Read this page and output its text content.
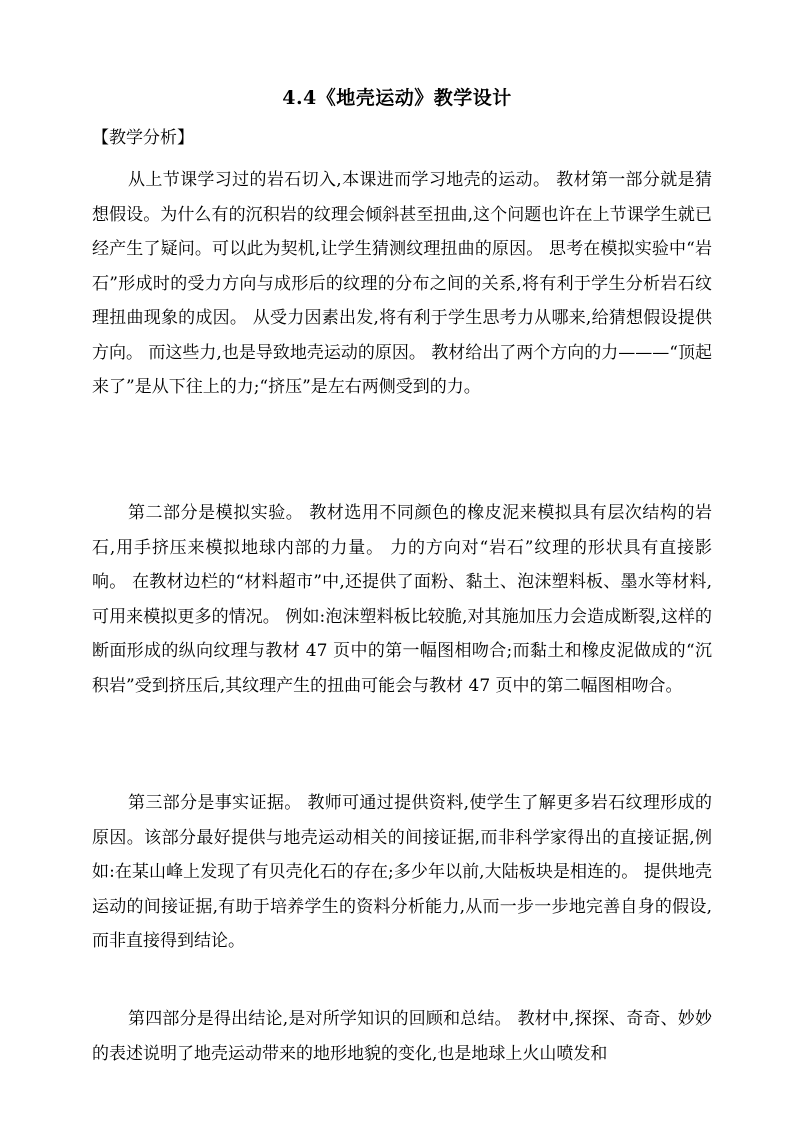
4.4《地壳运动》教学设计
【教学分析】

从上节课学习过的岩石切入,本课进而学习地壳的运动。 教材第一部分就是猜想假设。为什么有的沉积岩的纹理会倾斜甚至扭曲,这个问题也许在上节课学生就已经产生了疑问。可以此为契机,让学生猜测纹理扭曲的原因。 思考在模拟实验中“岩石”形成时的受力方向与成形后的纹理的分布之间的关系,将有利于学生分析岩石纹理扭曲现象的成因。 从受力因素出发,将有利于学生思考力从哪来,给猜想假设提供方向。 而这些力,也是导致地壳运动的原因。 教材给出了两个方向的力———“顶起来了”是从下往上的力;“挤压”是左右两侧受到的力。

第二部分是模拟实验。 教材选用不同颜色的橡皮泥来模拟具有层次结构的岩石,用手挤压来模拟地球内部的力量。 力的方向对“岩石”纹理的形状具有直接影响。 在教材边栏的“材料超市”中,还提供了面粉、黏土、泡沫塑料板、墨水等材料,可用来模拟更多的情况。 例如:泡沫塑料板比较脆,对其施加压力会造成断裂,这样的断面形成的纵向纹理与教材 47 页中的第一幅图相吻合;而黏土和橡皮泥做成的“沉积岩”受到挤压后,其纹理产生的扭曲可能会与教材 47 页中的第二幅图相吻合。

第三部分是事实证据。 教师可通过提供资料,使学生了解更多岩石纹理形成的原因。该部分最好提供与地壳运动相关的间接证据,而非科学家得出的直接证据,例如:在某山峰上发现了有贝壳化石的存在;多少年以前,大陆板块是相连的。 提供地壳运动的间接证据,有助于培养学生的资料分析能力,从而一步一步地完善自身的假设,而非直接得到结论。

第四部分是得出结论,是对所学知识的回顾和总结。 教材中,探探、奇奇、妙妙的表述说明了地壳运动带来的地形地貌的变化,也是地球上火山喷发和
